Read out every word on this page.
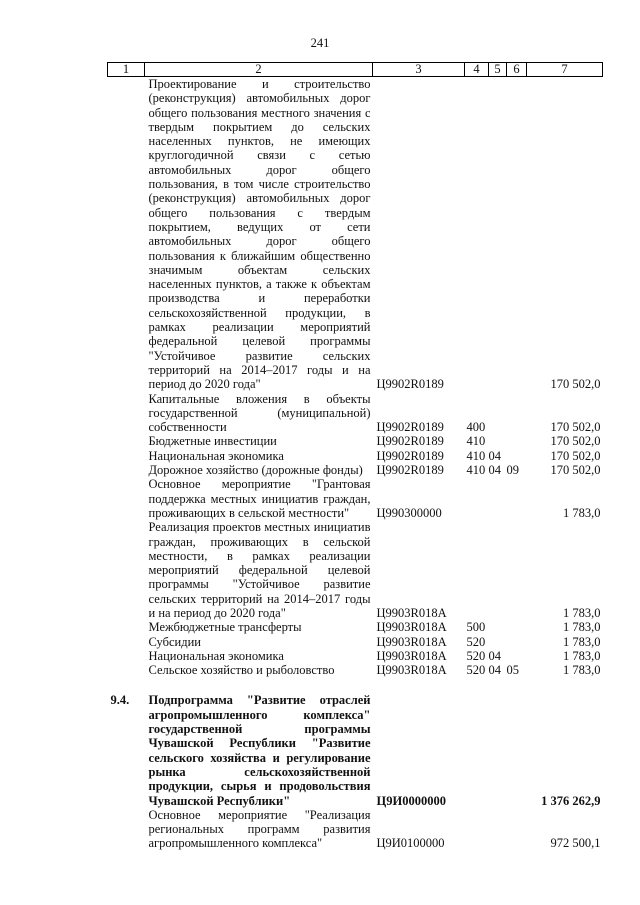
241
1	2	3	4	5	6	7
	Проектирование и строительство (реконструкция) автомобильных дорог общего пользования местного значения с твердым покрытием до сельских населенных пунктов, не имеющих круглогодичной связи с сетью автомобильных дорог общего пользования, в том числе строительство (реконструкция) автомобильных дорог общего пользования с твердым покрытием, ведущих от сети автомобильных дорог общего пользования к ближайшим общественно значимым объектам сельских населенных пунктов, а также к объектам производства и переработки сельскохозяйственной продукции, в рамках реализации мероприятий федеральной целевой программы "Устойчивое развитие сельских территорий на 2014–2017 годы и на период до 2020 года"	Ц9902R0189				170 502,0
	Капитальные вложения в объекты государственной (муниципальной) собственности	Ц9902R0189	400			170 502,0
	Бюджетные инвестиции	Ц9902R0189	410			170 502,0
	Национальная экономика	Ц9902R0189	410	04		170 502,0
	Дорожное хозяйство (дорожные фонды)	Ц9902R0189	410	04	09	170 502,0
	Основное мероприятие "Грантовая поддержка местных инициатив граждан, проживающих в сельской местности"	Ц990300000				1 783,0
	Реализация проектов местных инициатив граждан, проживающих в сельской местности, в рамках реализации мероприятий федеральной целевой программы "Устойчивое развитие сельских территорий на 2014–2017 годы и на период до 2020 года"	Ц9903R018A				1 783,0
	Межбюджетные трансферты	Ц9903R018A	500			1 783,0
	Субсидии	Ц9903R018A	520			1 783,0
	Национальная экономика	Ц9903R018A	520	04		1 783,0
	Сельское хозяйство и рыболовство	Ц9903R018A	520	04	05	1 783,0

9.4.	Подпрограмма "Развитие отраслей агропромышленного комплекса" государственной программы Чувашской Республики "Развитие сельского хозяйства и регулирование рынка сельскохозяйственной продукции, сырья и продовольствия Чувашской Республики"	Ц9И0000000				1 376 262,9
	Основное мероприятие "Реализация региональных программ развития агропромышленного комплекса"	Ц9И0100000				972 500,1
